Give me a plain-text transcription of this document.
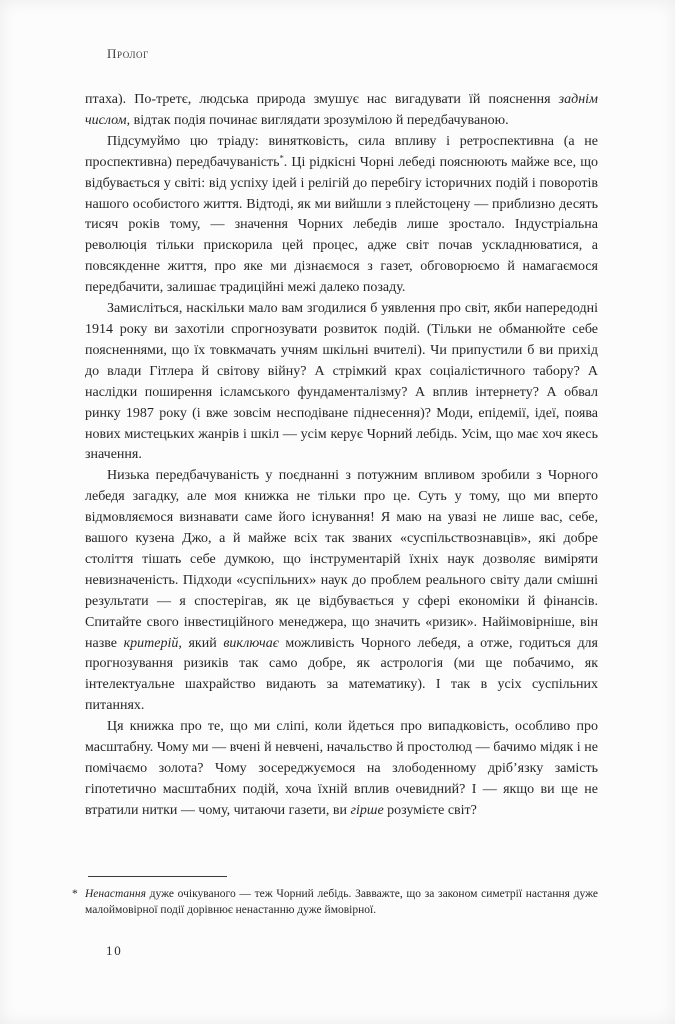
Пролог

птаха). По-третє, людська природа змушує нас вигадувати їй пояснення заднім числом, відтак подія починає виглядати зрозумілою й передбачуваною.

Підсумуймо цю тріаду: винятковість, сила впливу і ретроспективна (а не проспективна) передбачуваність*. Ці рідкісні Чорні лебеді пояснюють майже все, що відбувається у світі: від успіху ідей і релігій до перебігу історичних подій і поворотів нашого особистого життя. Відтоді, як ми вийшли з плейстоцену — приблизно десять тисяч років тому, — значення Чорних лебедів лише зростало. Індустріальна революція тільки прискорила цей процес, адже світ почав ускладнюватися, а повсякденне життя, про яке ми дізнаємося з газет, обговорюємо й намагаємося передбачити, залишає традиційні межі далеко позаду.

Замисліться, наскільки мало вам згодилися б уявлення про світ, якби напередодні 1914 року ви захотіли спрогнозувати розвиток подій. (Тільки не обманюйте себе поясненнями, що їх товкмачать учням шкільні вчителі). Чи припустили б ви прихід до влади Гітлера й світову війну? А стрімкий крах соціалістичного табору? А наслідки поширення ісламського фундаменталізму? А вплив інтернету? А обвал ринку 1987 року (і вже зовсім несподіване піднесення)? Моди, епідемії, ідеї, поява нових мистецьких жанрів і шкіл — усім керує Чорний лебідь. Усім, що має хоч якесь значення.

Низька передбачуваність у поєднанні з потужним впливом зробили з Чорного лебедя загадку, але моя книжка не тільки про це. Суть у тому, що ми вперто відмовляємося визнавати саме його існування! Я маю на увазі не лише вас, себе, вашого кузена Джо, а й майже всіх так званих «суспільствознавців», які добре століття тішать себе думкою, що інструментарій їхніх наук дозволяє виміряти невизначеність. Підходи «суспільних» наук до проблем реального світу дали смішні результати — я спостерігав, як це відбувається у сфері економіки й фінансів. Спитайте свого інвестиційного менеджера, що значить «ризик». Найімовірніше, він назве критерій, який виключає можливість Чорного лебедя, а отже, годиться для прогнозування ризиків так само добре, як астрологія (ми ще побачимо, як інтелектуальне шахрайство видають за математику). І так в усіх суспільних питаннях.

Ця книжка про те, що ми сліпі, коли йдеться про випадковість, особливо про масштабну. Чому ми — вчені й невчені, начальство й простолюд — бачимо мідяк і не помічаємо золота? Чому зосереджуємося на злободенному дріб’язку замість гіпотетично масштабних подій, хоча їхній вплив очевидний? І — якщо ви ще не втратили нитки — чому, читаючи газети, ви гірше розумієте світ?

* Ненастання дуже очікуваного — теж Чорний лебідь. Завважте, що за законом симетрії настання дуже малоймовірної події дорівнює ненастанню дуже ймовірної.
10
